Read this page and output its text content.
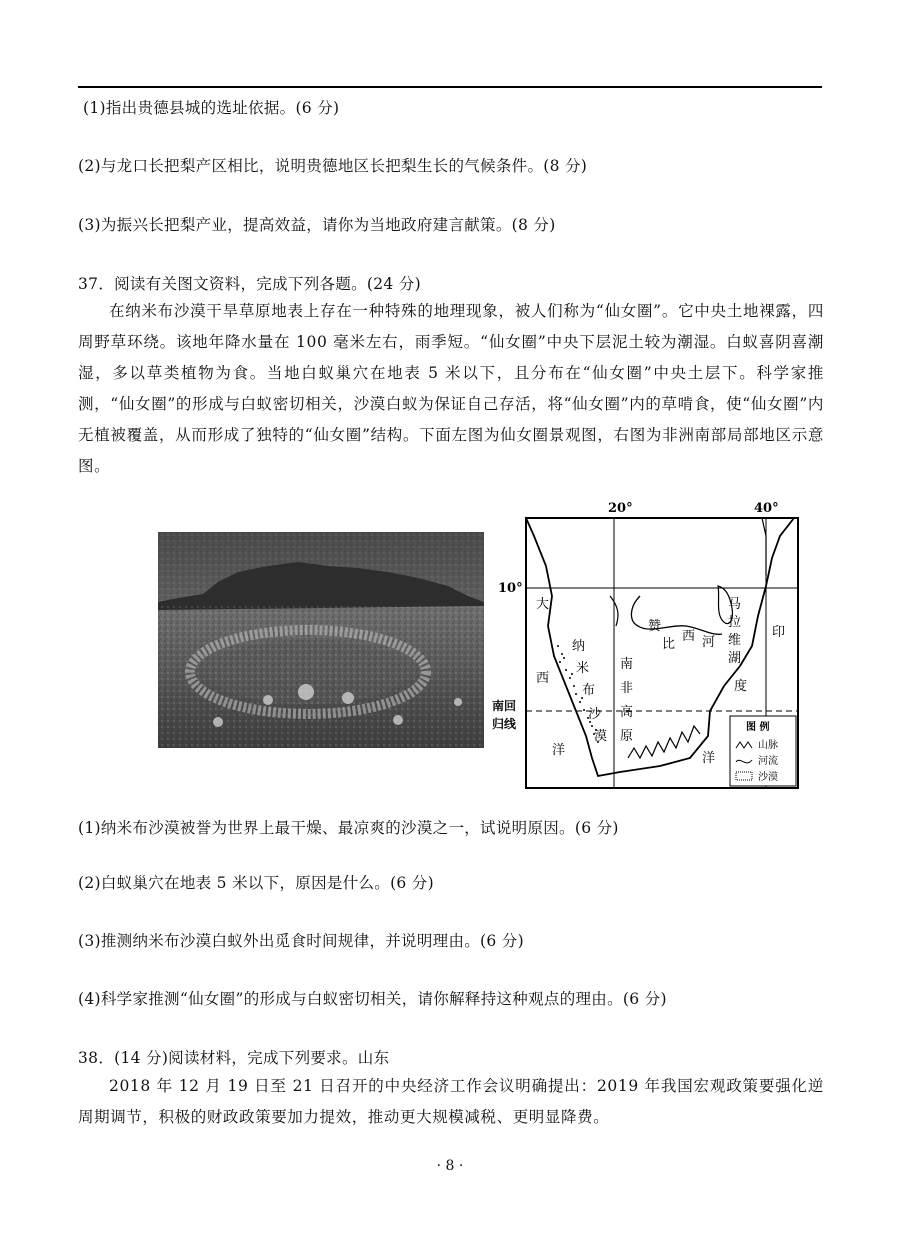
(1)指出贵德县城的选址依据。(6 分)
(2)与龙口长把梨产区相比，说明贵德地区长把梨生长的气候条件。(8 分)
(3)为振兴长把梨产业，提高效益，请你为当地政府建言献策。(8 分)
37．阅读有关图文资料，完成下列各题。(24 分)
在纳米布沙漠干旱草原地表上存在一种特殊的地理现象，被人们称为“仙女圈”。它中央土地裸露，四周野草环绕。该地年降水量在 100 毫米左右，雨季短。“仙女圈”中央下层泥土较为潮湿。白蚁喜阴喜潮湿，多以草类植物为食。当地白蚁巢穴在地表 5 米以下，且分布在“仙女圈”中央土层下。科学家推测，“仙女圈”的形成与白蚁密切相关，沙漠白蚁为保证自己存活，将“仙女圈”内的草啃食，使“仙女圈”内无植被覆盖，从而形成了独特的“仙女圈”结构。下面左图为仙女圈景观图，右图为非洲南部局部地区示意图。
20°	40°
10°
大
西
洋
纳
米
布
沙
漠
南
非
高
原
赞
比
西 河
马
拉
维
湖
印
度
洋
南回
归线	图 例
山脉
河流
沙漠
(1)纳米布沙漠被誉为世界上最干燥、最凉爽的沙漠之一，试说明原因。(6 分)
(2)白蚁巢穴在地表 5 米以下，原因是什么。(6 分)
(3)推测纳米布沙漠白蚁外出觅食时间规律，并说明理由。(6 分)
(4)科学家推测“仙女圈”的形成与白蚁密切相关，请你解释持这种观点的理由。(6 分)
38．(14 分)阅读材料，完成下列要求。山东
2018 年 12 月 19 日至 21 日召开的中央经济工作会议明确提出：2019 年我国宏观政策要强化逆周期调节，积极的财政政策要加力提效，推动更大规模减税、更明显降费。
· 8 ·
